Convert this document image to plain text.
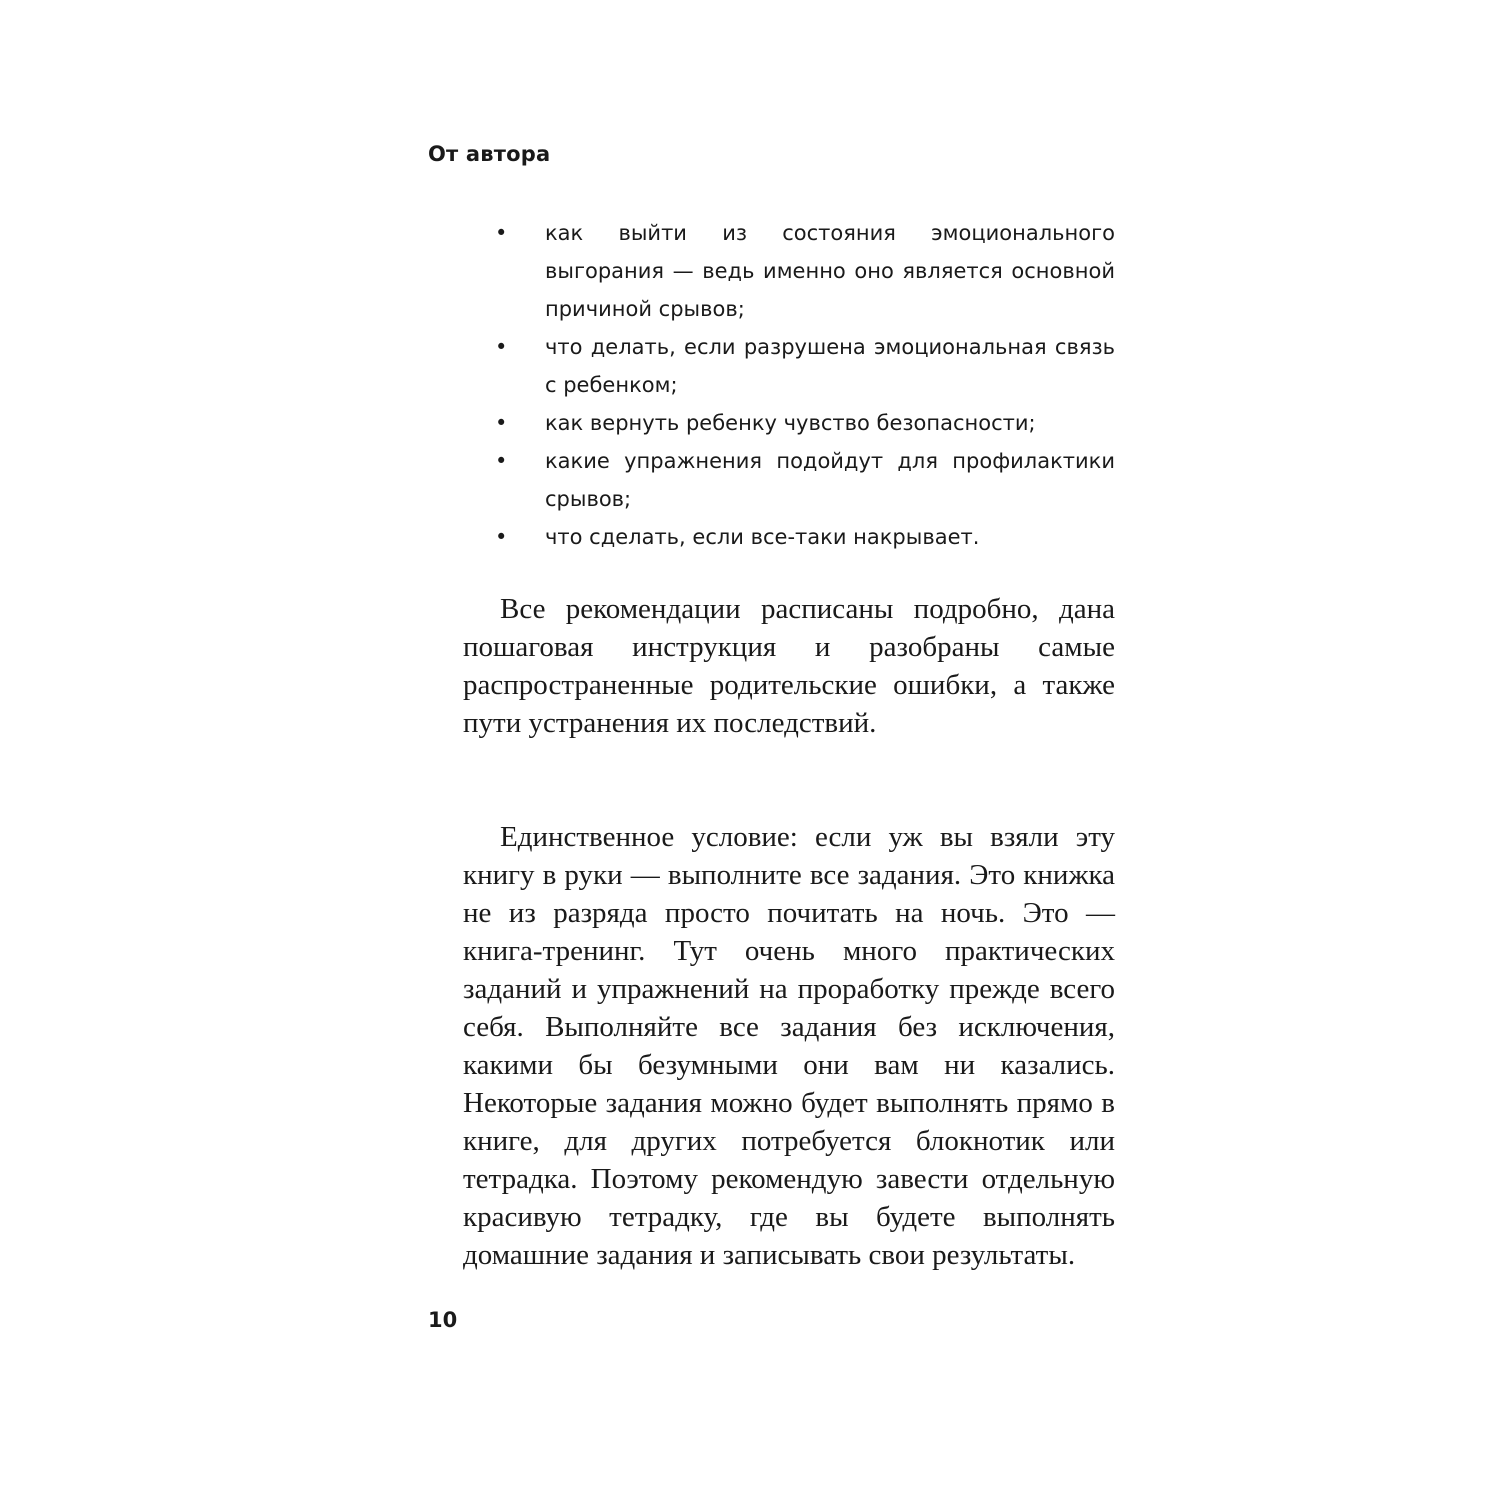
От автора
•	как выйти из состояния эмоционального выгорания — ведь именно оно является основной причиной срывов;
•	что делать, если разрушена эмоциональная связь с ребенком;
•	как вернуть ребенку чувство безопасности;
•	какие упражнения подойдут для профилактики срывов;
•	что сделать, если все-таки накрывает.

Все рекомендации расписаны подробно, дана пошаговая инструкция и разобраны самые распространенные родительские ошибки, а также пути устранения их последствий.

Единственное условие: если уж вы взяли эту книгу в руки — выполните все задания. Это книжка не из разряда просто почитать на ночь. Это — книга-тренинг. Тут очень много практических заданий и упражнений на проработку прежде всего себя. Выполняйте все задания без исключения, какими бы безумными они вам ни казались. Некоторые задания можно будет выполнять прямо в книге, для других потребуется блокнотик или тетрадка. Поэтому рекомендую завести отдельную красивую тетрадку, где вы будете выполнять домашние задания и записывать свои результаты.

10
